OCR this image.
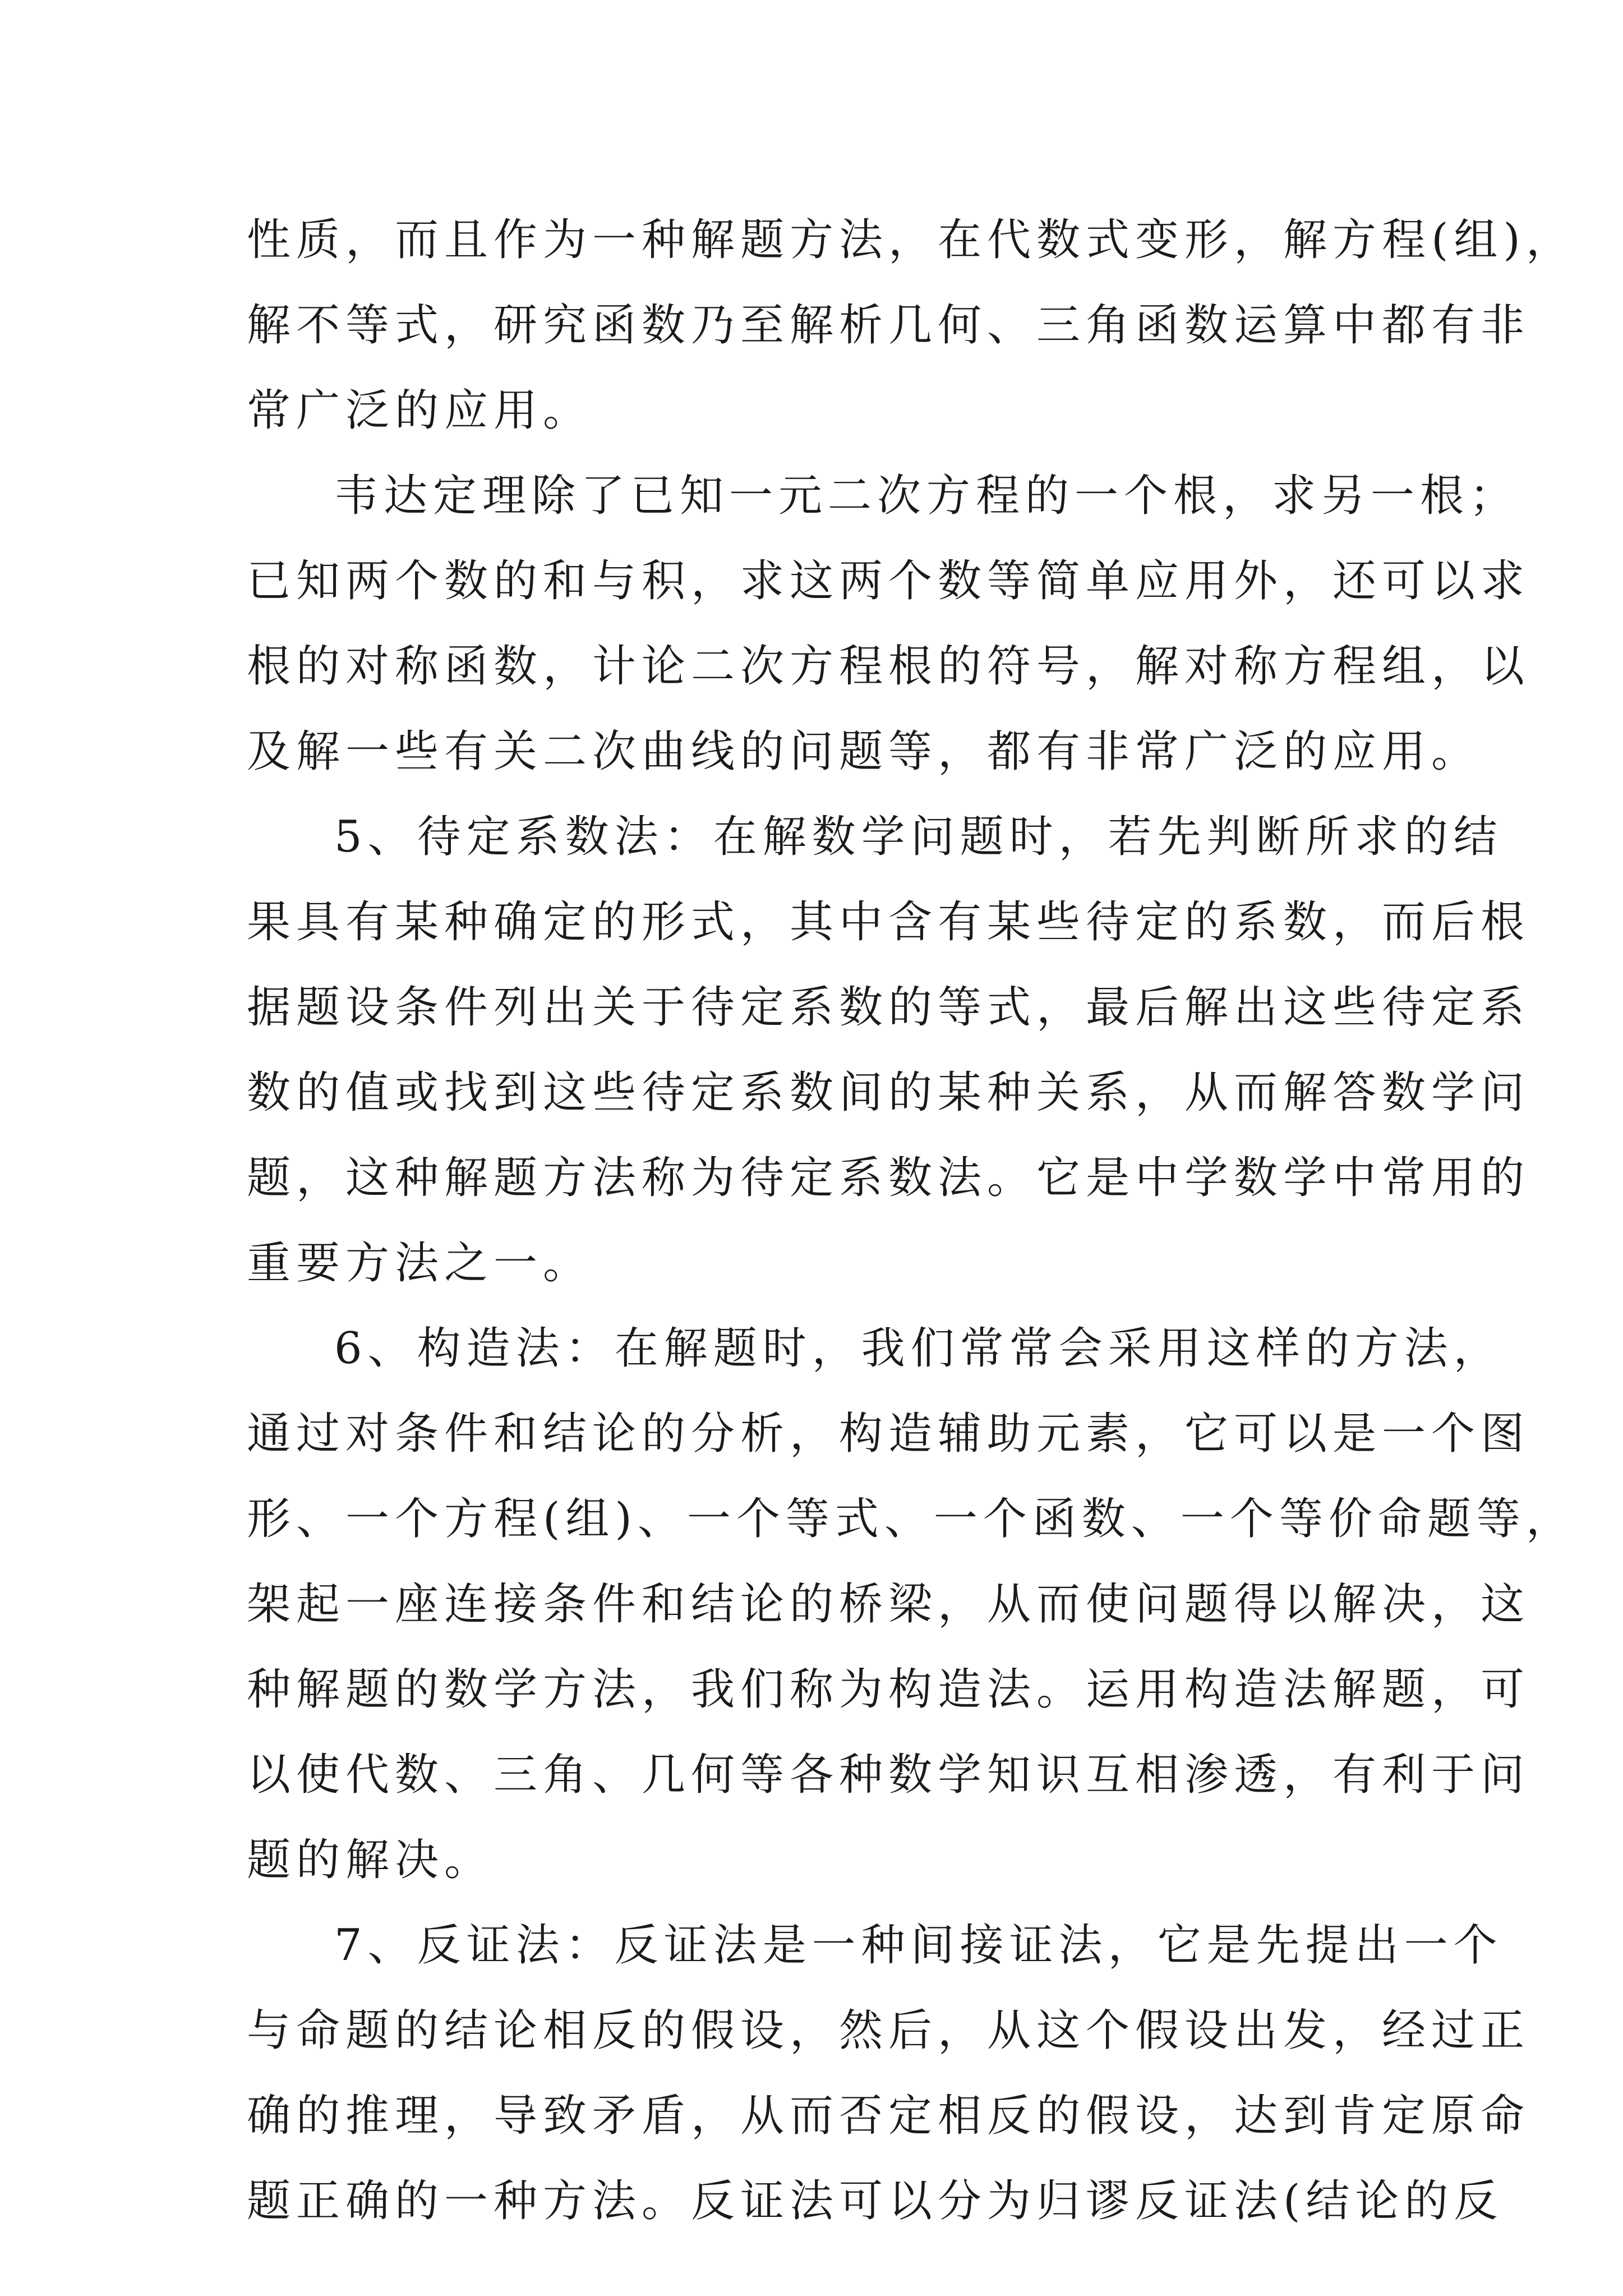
性质，而且作为一种解题方法，在代数式变形，解方程(组)，
解不等式，研究函数乃至解析几何、三角函数运算中都有非
常广泛的应用。
韦达定理除了已知一元二次方程的一个根，求另一根；
已知两个数的和与积，求这两个数等简单应用外，还可以求
根的对称函数，计论二次方程根的符号，解对称方程组，以
及解一些有关二次曲线的问题等，都有非常广泛的应用。
5、待定系数法：在解数学问题时，若先判断所求的结
果具有某种确定的形式，其中含有某些待定的系数，而后根
据题设条件列出关于待定系数的等式，最后解出这些待定系
数的值或找到这些待定系数间的某种关系，从而解答数学问
题，这种解题方法称为待定系数法。它是中学数学中常用的
重要方法之一。
6、构造法：在解题时，我们常常会采用这样的方法，
通过对条件和结论的分析，构造辅助元素，它可以是一个图
形、一个方程(组)、一个等式、一个函数、一个等价命题等，
架起一座连接条件和结论的桥梁，从而使问题得以解决，这
种解题的数学方法，我们称为构造法。运用构造法解题，可
以使代数、三角、几何等各种数学知识互相渗透，有利于问
题的解决。
7、反证法：反证法是一种间接证法，它是先提出一个
与命题的结论相反的假设，然后，从这个假设出发，经过正
确的推理，导致矛盾，从而否定相反的假设，达到肯定原命
题正确的一种方法。反证法可以分为归谬反证法(结论的反
